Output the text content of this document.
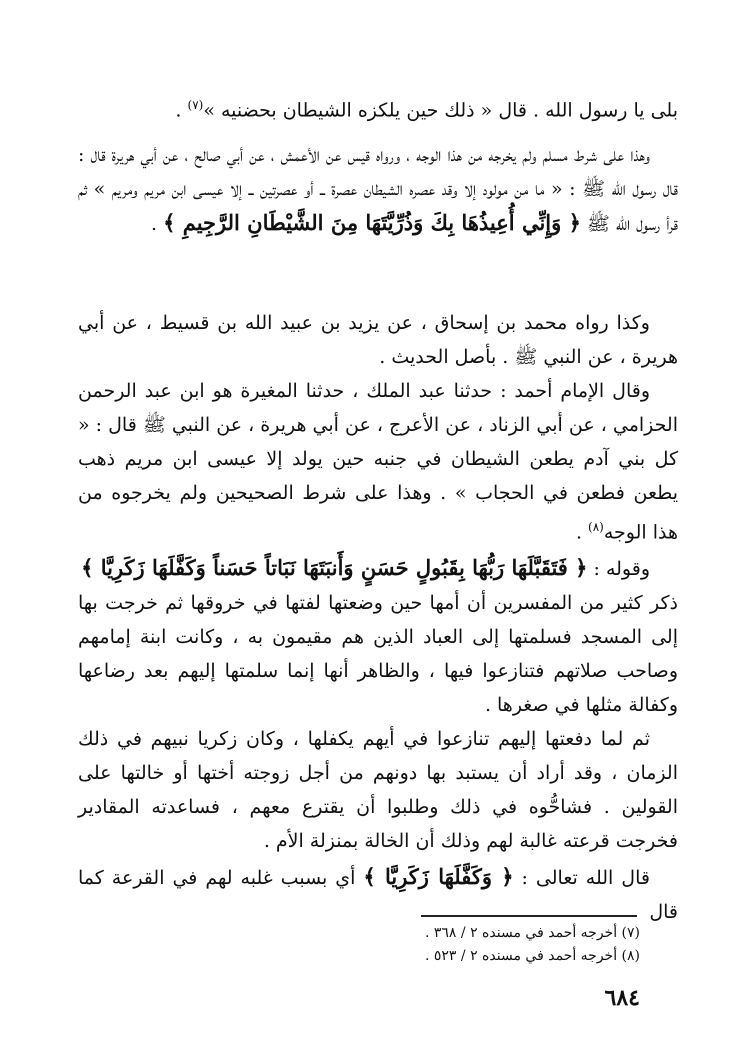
بلى يا رسول الله . قال « ذلك حين يلكزه الشيطان بحضنيه »$^{(٧)}$ .

وهذا على شرط مسلم ولم يخرجه من هذا الوجه ، ورواه قيس عن الأعمش ، عن أبي صالح ، عن أبي هريرة قال : قال رسول الله ﷺ : « ما من مولود إلا وقد عصره الشيطان عصرة ــ أو عصرتين ــ إلا عيسى ابن مريم ومريم » ثم قرأ رسول الله ﷺ ﴿ وَإِنِّي أُعِيذُهَا بِكَ وَذُرِّيَّتَهَا مِنَ الشَّيْطَانِ الرَّجِيمِ ﴾ .

وكذا رواه محمد بن إسحاق ، عن يزيد بن عبيد الله بن قسيط ، عن أبي هريرة ، عن النبي ﷺ . بأصل الحديث .

وقال الإمام أحمد : حدثنا عبد الملك ، حدثنا المغيرة هو ابن عبد الرحمن الحزامي ، عن أبي الزناد ، عن الأعرج ، عن أبي هريرة ، عن النبي ﷺ قال : « كل بني آدم يطعن الشيطان في جنبه حين يولد إلا عيسى ابن مريم ذهب يطعن فطعن في الحجاب » . وهذا على شرط الصحيحين ولم يخرجوه من هذا الوجه$^{(٨)}$ .

وقوله : ﴿ فَتَقَبَّلَهَا رَبُّهَا بِقَبُولٍ حَسَنٍ وَأَنبَتَهَا نَبَاتاً حَسَناً وَكَفَّلَهَا زَكَرِيَّا ﴾

ذكر كثير من المفسرين أن أمها حين وضعتها لفتها في خروقها ثم خرجت بها إلى المسجد فسلمتها إلى العباد الذين هم مقيمون به ، وكانت ابنة إمامهم وصاحب صلاتهم فتنازعوا فيها ، والظاهر أنها إنما سلمتها إليهم بعد رضاعها وكفالة مثلها في صغرها .

ثم لما دفعتها إليهم تنازعوا في أيهم يكفلها ، وكان زكريا نبيهم في ذلك الزمان ، وقد أراد أن يستبد بها دونهم من أجل زوجته أختها أو خالتها على القولين . فشاحُّوه في ذلك وطلبوا أن يقترع معهم ، فساعدته المقادير فخرجت قرعته غالبة لهم وذلك أن الخالة بمنزلة الأم .

قال الله تعالى : ﴿ وَكَفَّلَهَا زَكَرِيَّا ﴾ أي بسبب غلبه لهم في القرعة كما قال

(٧) أخرجه أحمد في مسنده ٢ / ٣٦٨ .

(٨) أخرجه أحمد في مسنده ٢ / ٥٢٣ .

٦٨٤
